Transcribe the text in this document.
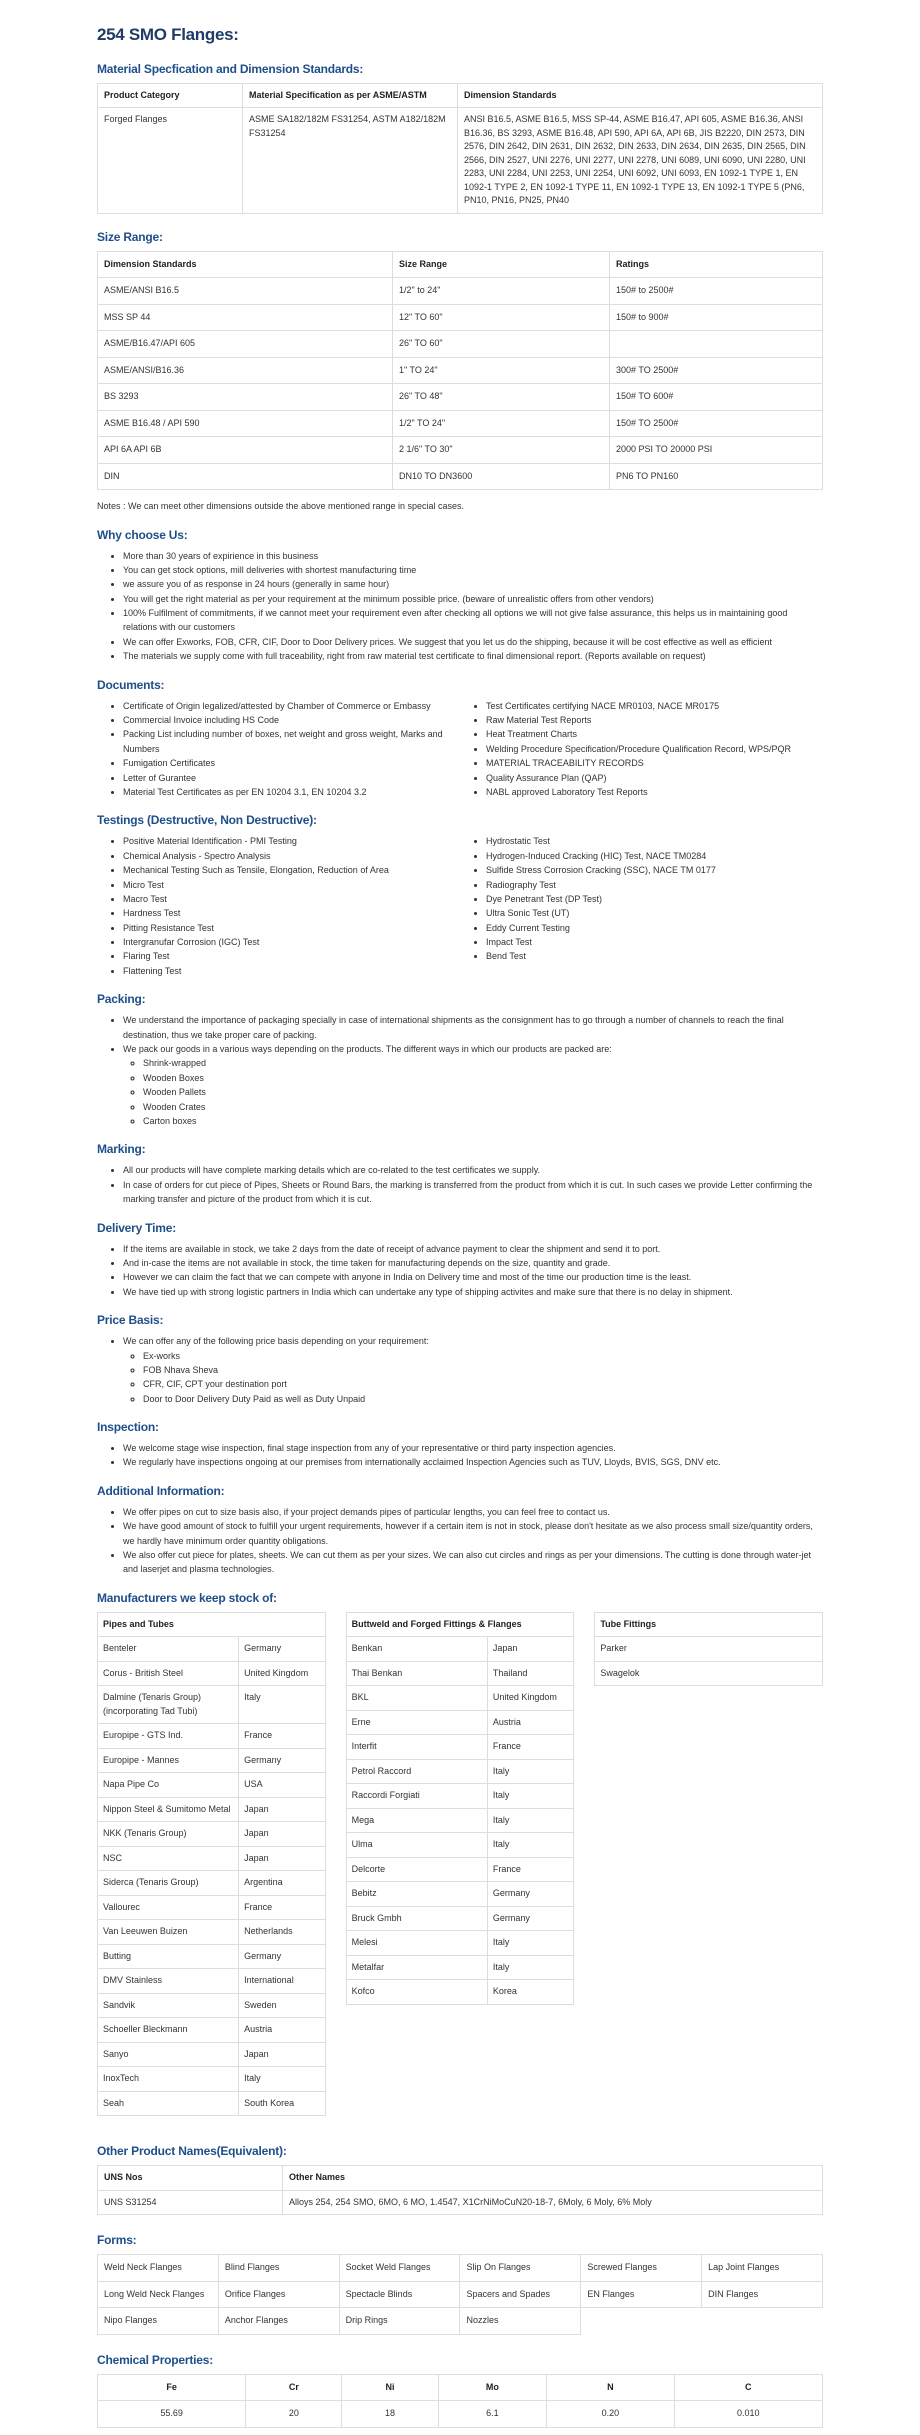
254 SMO Flanges:
Material Specfication and Dimension Standards:
Product Category	Material Specification as per ASME/ASTM	Dimension Standards
Forged Flanges	ASME SA182/182M FS31254, ASTM A182/182M FS31254	ANSI B16.5, ASME B16.5, MSS SP-44, ASME B16.47, API 605, ASME B16.36, ANSI B16.36, BS 3293, ASME B16.48, API 590, API 6A, API 6B, JIS B2220, DIN 2573, DIN 2576, DIN 2642, DIN 2631, DIN 2632, DIN 2633, DIN 2634, DIN 2635, DIN 2565, DIN 2566, DIN 2527, UNI 2276, UNI 2277, UNI 2278, UNI 6089, UNI 6090, UNI 2280, UNI 2283, UNI 2284, UNI 2253, UNI 2254, UNI 6092, UNI 6093, EN 1092-1 TYPE 1, EN 1092-1 TYPE 2, EN 1092-1 TYPE 11, EN 1092-1 TYPE 13, EN 1092-1 TYPE 5 (PN6, PN10, PN16, PN25, PN40
Size Range:
Dimension Standards	Size Range	Ratings
ASME/ANSI B16.5	1/2" to 24"	150# to 2500#
MSS SP 44	12" TO 60"	150# to 900#
ASME/B16.47/API 605	26" TO 60"	
ASME/ANSI/B16.36	1" TO 24"	300# TO 2500#
BS 3293	26" TO 48"	150# TO 600#
ASME B16.48 / API 590	1/2" TO 24"	150# TO 2500#
API 6A API 6B	2 1/6" TO 30"	2000 PSI TO 20000 PSI
DIN	DN10 TO DN3600	PN6 TO PN160

Notes : We can meet other dimensions outside the above mentioned range in special cases.

Why choose Us:
• More than 30 years of expirience in this business
• You can get stock options, mill deliveries with shortest manufacturing time
• we assure you of as response in 24 hours (generally in same hour)
• You will get the right material as per your requirement at the minimum possible price. (beware of unrealistic offers from other vendors)
• 100% Fulfilment of commitments, if we cannot meet your requirement even after checking all options we will not give false assurance, this helps us in maintaining good relations with our customers
• We can offer Exworks, FOB, CFR, CIF, Door to Door Delivery prices. We suggest that you let us do the shipping, because it will be cost effective as well as efficient
• The materials we supply come with full traceability, right from raw material test certificate to final dimensional report. (Reports available on request)
Documents:
• Certificate of Origin legalized/attested by Chamber of Commerce or Embassy
• Commercial Invoice including HS Code
• Packing List including number of boxes, net weight and gross weight, Marks and Numbers
• Fumigation Certificates
• Letter of Gurantee
• Material Test Certificates as per EN 10204 3.1, EN 10204 3.2
• Test Certificates certifying NACE MR0103, NACE MR0175
• Raw Material Test Reports
• Heat Treatment Charts
• Welding Procedure Specification/Procedure Qualification Record, WPS/PQR
• MATERIAL TRACEABILITY RECORDS
• Quality Assurance Plan (QAP)
• NABL approved Laboratory Test Reports
Testings (Destructive, Non Destructive):
• Positive Material Identification - PMI Testing
• Chemical Analysis - Spectro Analysis
• Mechanical Testing Such as Tensile, Elongation, Reduction of Area
• Micro Test
• Macro Test
• Hardness Test
• Pitting Resistance Test
• Intergranufar Corrosion (IGC) Test
• Flaring Test
• Flattening Test
• Hydrostatic Test
• Hydrogen-Induced Cracking (HIC) Test, NACE TM0284
• Sulfide Stress Corrosion Cracking (SSC), NACE TM 0177
• Radiography Test
• Dye Penetrant Test (DP Test)
• Ultra Sonic Test (UT)
• Eddy Current Testing
• Impact Test
• Bend Test
Packing:
• We understand the importance of packaging specially in case of international shipments as the consignment has to go through a number of channels to reach the final destination, thus we take proper care of packing.
• We pack our goods in a various ways depending on the products. The different ways in which our products are packed are:
◦ Shrink-wrapped
◦ Wooden Boxes
◦ Wooden Pallets
◦ Wooden Crates
◦ Carton boxes
Marking:
• All our products will have complete marking details which are co-related to the test certificates we supply.
• In case of orders for cut piece of Pipes, Sheets or Round Bars, the marking is transferred from the product from which it is cut. In such cases we provide Letter confirming the marking transfer and picture of the product from which it is cut.
Delivery Time:
• If the items are available in stock, we take 2 days from the date of receipt of advance payment to clear the shipment and send it to port.
• And in-case the items are not available in stock, the time taken for manufacturing depends on the size, quantity and grade.
• However we can claim the fact that we can compete with anyone in India on Delivery time and most of the time our production time is the least.
• We have tied up with strong logistic partners in India which can undertake any type of shipping activites and make sure that there is no delay in shipment.
Price Basis:
• We can offer any of the following price basis depending on your requirement:
◦ Ex-works
◦ FOB Nhava Sheva
◦ CFR, CIF, CPT your destination port
◦ Door to Door Delivery Duty Paid as well as Duty Unpaid
Inspection:
• We welcome stage wise inspection, final stage inspection from any of your representative or third party inspection agencies.
• We regularly have inspections ongoing at our premises from internationally acclaimed Inspection Agencies such as TUV, Lloyds, BVIS, SGS, DNV etc.
Additional Information:
• We offer pipes on cut to size basis also, if your project demands pipes of particular lengths, you can feel free to contact us.
• We have good amount of stock to fulfill your urgent requirements, however if a certain item is not in stock, please don't hesitate as we also process small size/quantity orders, we hardly have minimum order quantity obligations.
• We also offer cut piece for plates, sheets. We can cut them as per your sizes. We can also cut circles and rings as per your dimensions. The cutting is done through water-jet and laserjet and plasma technologies.
Manufacturers we keep stock of:
Pipes and Tubes	
Benteler	Germany
Corus - British Steel	United Kingdom
Dalmine (Tenaris Group) (incorporating Tad Tubi)	Italy
Europipe - GTS Ind.	France
Europipe - Mannes	Germany
Napa Pipe Co	USA
Nippon Steel & Sumitomo Metal	Japan
NKK (Tenaris Group)	Japan
NSC	Japan
Siderca (Tenaris Group)	Argentina
Vallourec	France
Van Leeuwen Buizen	Netherlands
Butting	Germany
DMV Stainless	International
Sandvik	Sweden
Schoeller Bleckmann	Austria
Sanyo	Japan
InoxTech	Italy
Seah	South Korea
Buttweld and Forged Fittings & Flanges	
Benkan	Japan
Thai Benkan	Thailand
BKL	United Kingdom
Erne	Austria
Interfit	France
Petrol Raccord	Italy
Raccordi Forgiati	Italy
Mega	Italy
Ulma	Italy
Delcorte	France
Bebitz	Germany
Bruck Gmbh	Germany
Melesi	Italy
Metalfar	Italy
Kofco	Korea
Tube Fittings
Parker
Swagelok
Other Product Names(Equivalent):
UNS Nos	Other Names
UNS S31254	Alloys 254, 254 SMO, 6MO, 6 MO, 1.4547, X1CrNiMoCuN20-18-7, 6Moly, 6 Moly, 6% Moly
Forms:
Weld Neck Flanges	Blind Flanges	Socket Weld Flanges	Slip On Flanges	Screwed Flanges	Lap Joint Flanges
Long Weld Neck Flanges	Orifice Flanges	Spectacle Blinds	Spacers and Spades	EN Flanges	DIN Flanges
Nipo Flanges	Anchor Flanges	Drip Rings	Nozzles		
Chemical Properties:
Fe	Cr	Ni	Mo	N	C
55.69	20	18	6.1	0.20	0.010
